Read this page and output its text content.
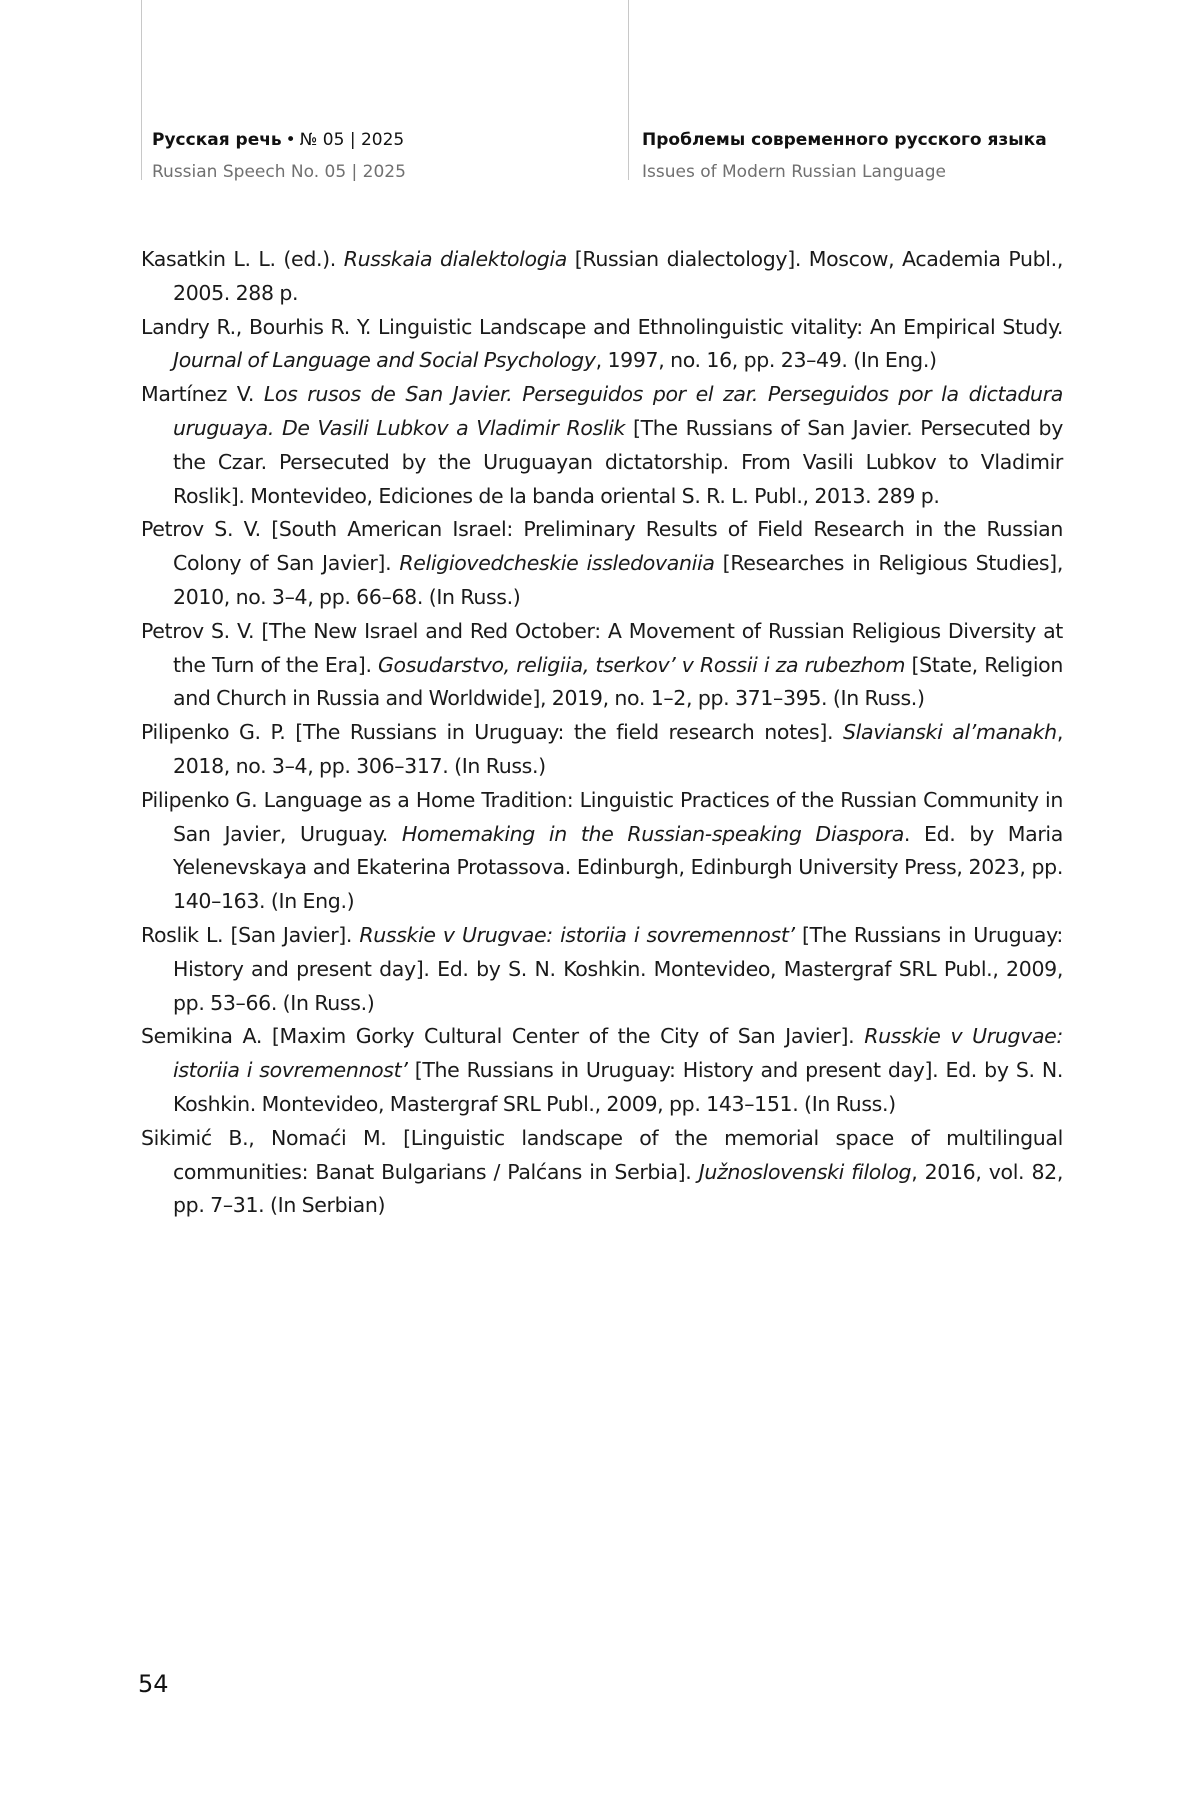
Русская речь • № 05 | 2025
Russian Speech No. 05 | 2025
Проблемы современного русского языка
Issues of Modern Russian Language

Kasatkin L. L. (ed.). Russkaia dialektologia [Russian dialectology]. Moscow, Academia Publ., 2005. 288 p.

Landry R., Bourhis R. Y. Linguistic Landscape and Ethnolinguistic vitality: An Empirical Study. Journal of Language and Social Psychology, 1997, no. 16, pp. 23–49. (In Eng.)

Martínez V. Los rusos de San Javier. Perseguidos por el zar. Perseguidos por la dictadura uruguaya. De Vasili Lubkov a Vladimir Roslik [The Russians of San Javier. Persecuted by the Czar. Persecuted by the Uruguayan dictatorship. From Vasili Lubkov to Vladimir Roslik]. Montevideo, Ediciones de la banda oriental S. R. L. Publ., 2013. 289 p.

Petrov S. V. [South American Israel: Preliminary Results of Field Research in the Russian Colony of San Javier]. Religiovedcheskie issledovaniia [Researches in Religious Studies], 2010, no. 3–4, pp. 66–68. (In Russ.)

Petrov S. V. [The New Israel and Red October: A Movement of Russian Religious Diversity at the Turn of the Era]. Gosudarstvo, religiia, tserkov’ v Rossii i za rubezhom [State, Religion and Church in Russia and Worldwide], 2019, no. 1–2, pp. 371–395. (In Russ.)

Pilipenko G. P. [The Russians in Uruguay: the field research notes]. Slavianski al’manakh, 2018, no. 3–4, pp. 306–317. (In Russ.)

Pilipenko G. Language as a Home Tradition: Linguistic Practices of the Russian Community in San Javier, Uruguay. Homemaking in the Russian-speaking Diaspora. Ed. by Maria Yelenevskaya and Ekaterina Protassova. Edinburgh, Edinburgh University Press, 2023, pp. 140–163. (In Eng.)

Roslik L. [San Javier]. Russkie v Urugvae: istoriia i sovremennost’ [The Russians in Uruguay: History and present day]. Ed. by S. N. Koshkin. Montevideo, Mastergraf SRL Publ., 2009, pp. 53–66. (In Russ.)

Semikina A. [Maxim Gorky Cultural Center of the City of San Javier]. Russkie v Urugvae: istoriia i sovremennost’ [The Russians in Uruguay: History and present day]. Ed. by S. N. Koshkin. Montevideo, Mastergraf SRL Publ., 2009, pp. 143–151. (In Russ.)

Sikimić B., Nomaći M. [Linguistic landscape of the memorial space of multilingual communities: Banat Bulgarians / Palćans in Serbia]. Južnoslovenski filolog, 2016, vol. 82, pp. 7–31. (In Serbian)

54
